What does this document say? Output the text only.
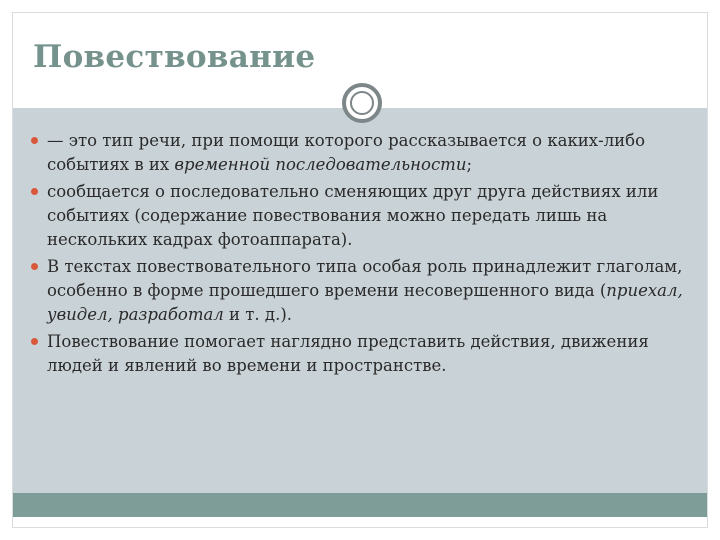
Повествование
— это тип речи, при помощи которого рассказывается о каких-либо событиях в их временной последовательности;
сообщается о последовательно сменяющих друг друга действиях или событиях (содержание повествования можно передать лишь на нескольких кадрах фотоаппарата).
В текстах повествовательного типа особая роль принадлежит глаголам, особенно в форме прошедшего времени несовершенного вида (приехал, увидел, разработал и т. д.).
Повествование помогает наглядно представить действия, движения людей и явлений во времени и пространстве.
